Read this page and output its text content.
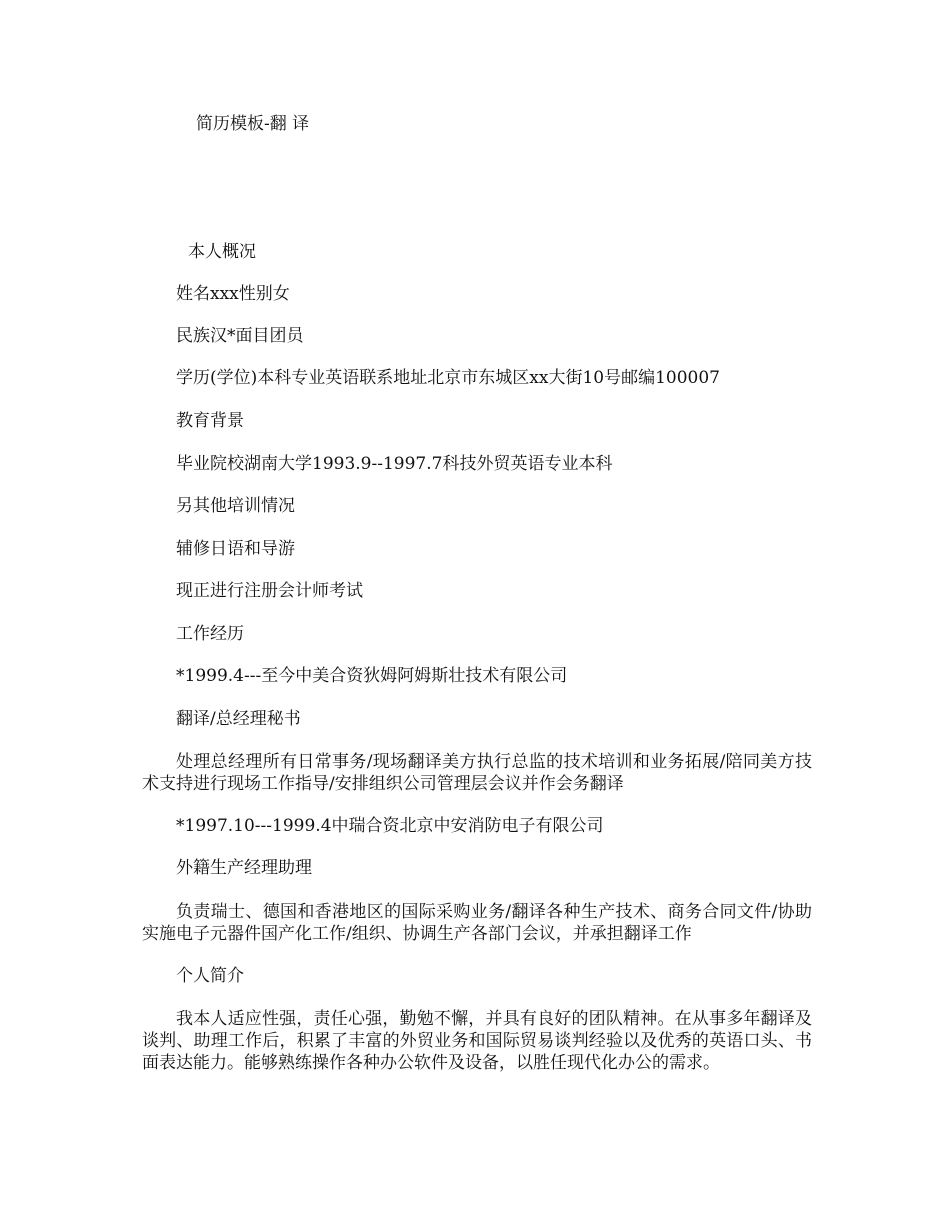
简历模板-翻 译
本人概况
姓名xxx性别女
民族汉*面目团员
学历(学位)本科专业英语联系地址北京市东城区xx大街10号邮编100007
教育背景
毕业院校湖南大学1993.9--1997.7科技外贸英语专业本科
另其他培训情况
辅修日语和导游
现正进行注册会计师考试
工作经历
*1999.4---至今中美合资狄姆阿姆斯壮技术有限公司
翻译/总经理秘书
处理总经理所有日常事务/现场翻译美方执行总监的技术培训和业务拓展/陪同美方技术支持进行现场工作指导/安排组织公司管理层会议并作会务翻译
*1997.10---1999.4中瑞合资北京中安消防电子有限公司
外籍生产经理助理
负责瑞士、德国和香港地区的国际采购业务/翻译各种生产技术、商务合同文件/协助实施电子元器件国产化工作/组织、协调生产各部门会议，并承担翻译工作
个人简介
我本人适应性强，责任心强，勤勉不懈，并具有良好的团队精神。在从事多年翻译及谈判、助理工作后，积累了丰富的外贸业务和国际贸易谈判经验以及优秀的英语口头、书面表达能力。能够熟练操作各种办公软件及设备，以胜任现代化办公的需求。
